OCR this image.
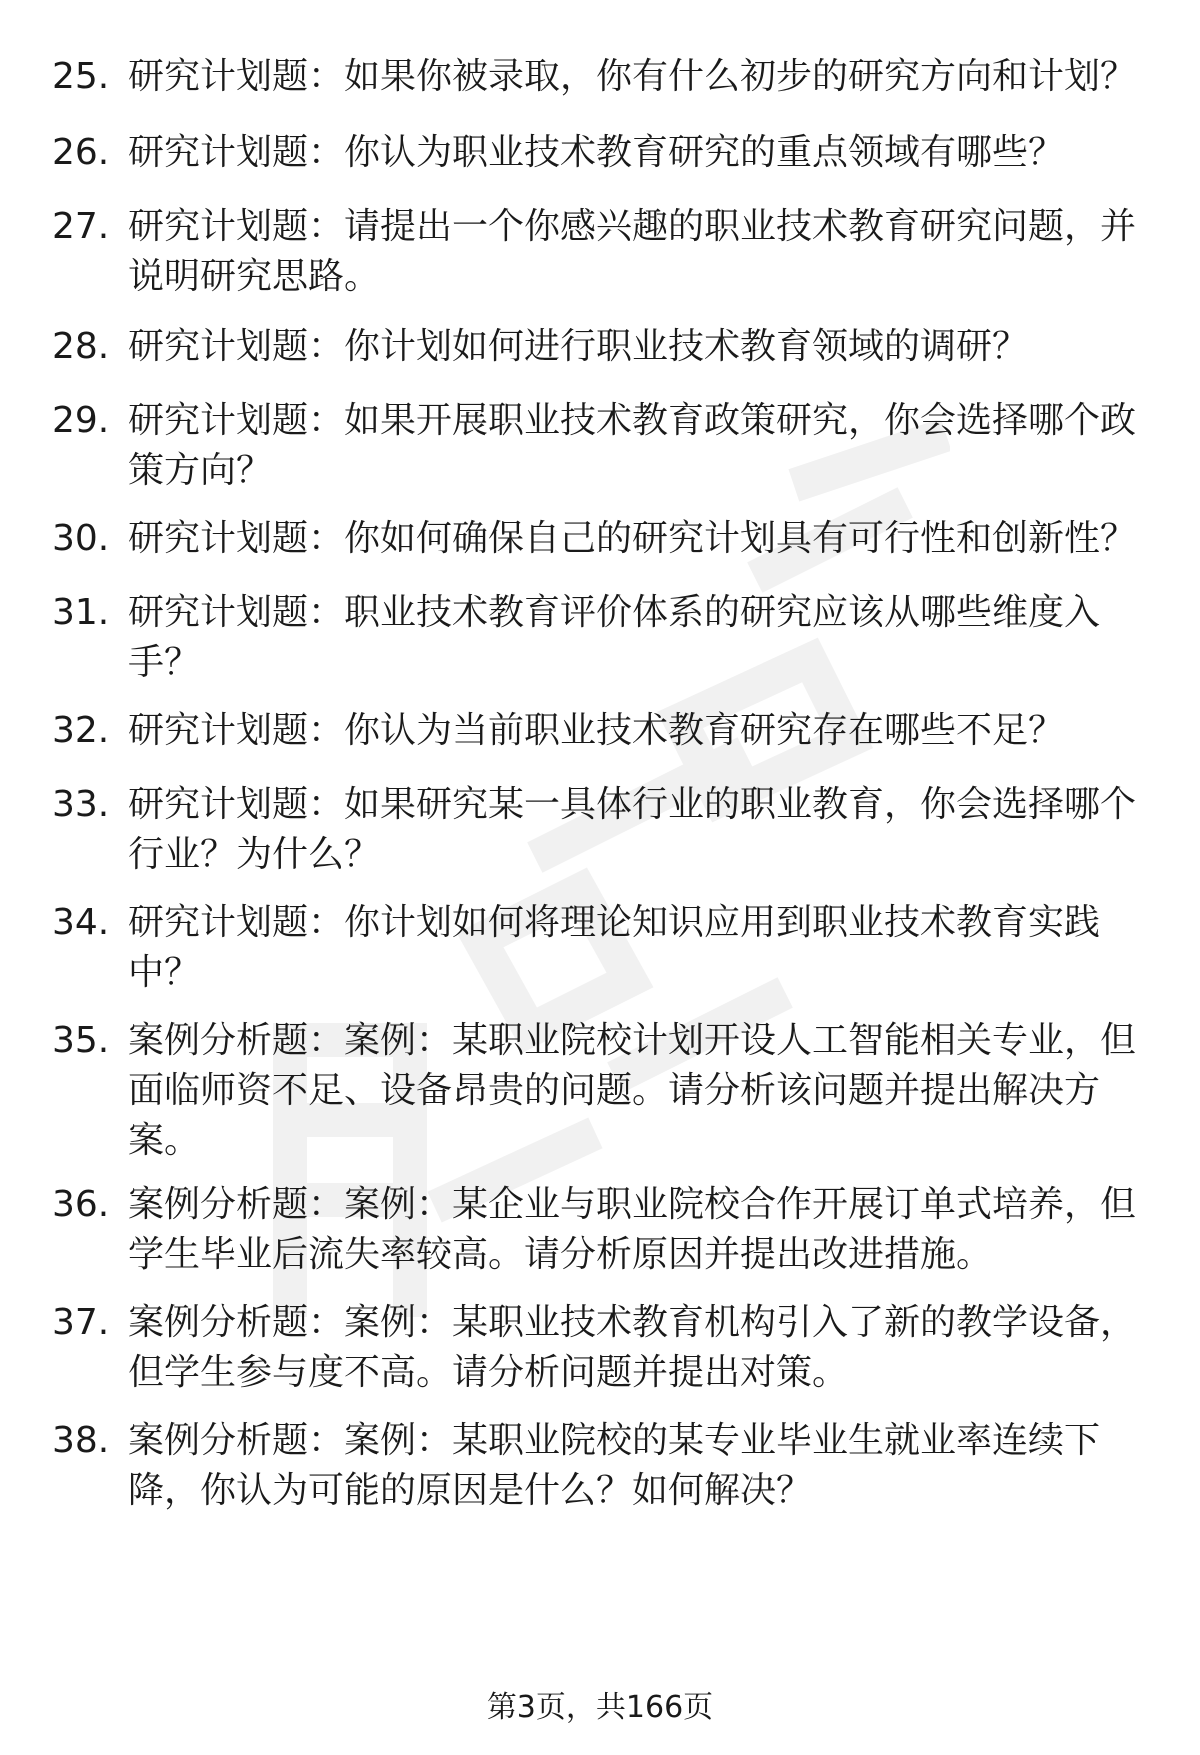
25. 研究计划题：如果你被录取，你有什么初步的研究方向和计划？
26. 研究计划题：你认为职业技术教育研究的重点领域有哪些？
27. 研究计划题：请提出一个你感兴趣的职业技术教育研究问题，并说明研究思路。
28. 研究计划题：你计划如何进行职业技术教育领域的调研？
29. 研究计划题：如果开展职业技术教育政策研究，你会选择哪个政策方向？
30. 研究计划题：你如何确保自己的研究计划具有可行性和创新性？
31. 研究计划题：职业技术教育评价体系的研究应该从哪些维度入手？
32. 研究计划题：你认为当前职业技术教育研究存在哪些不足？
33. 研究计划题：如果研究某一具体行业的职业教育，你会选择哪个行业？为什么？
34. 研究计划题：你计划如何将理论知识应用到职业技术教育实践中？
35. 案例分析题：案例：某职业院校计划开设人工智能相关专业，但面临师资不足、设备昂贵的问题。请分析该问题并提出解决方案。
36. 案例分析题：案例：某企业与职业院校合作开展订单式培养，但学生毕业后流失率较高。请分析原因并提出改进措施。
37. 案例分析题：案例：某职业技术教育机构引入了新的教学设备，但学生参与度不高。请分析问题并提出对策。
38. 案例分析题：案例：某职业院校的某专业毕业生就业率连续下降，你认为可能的原因是什么？如何解决？
第3页，共166页
